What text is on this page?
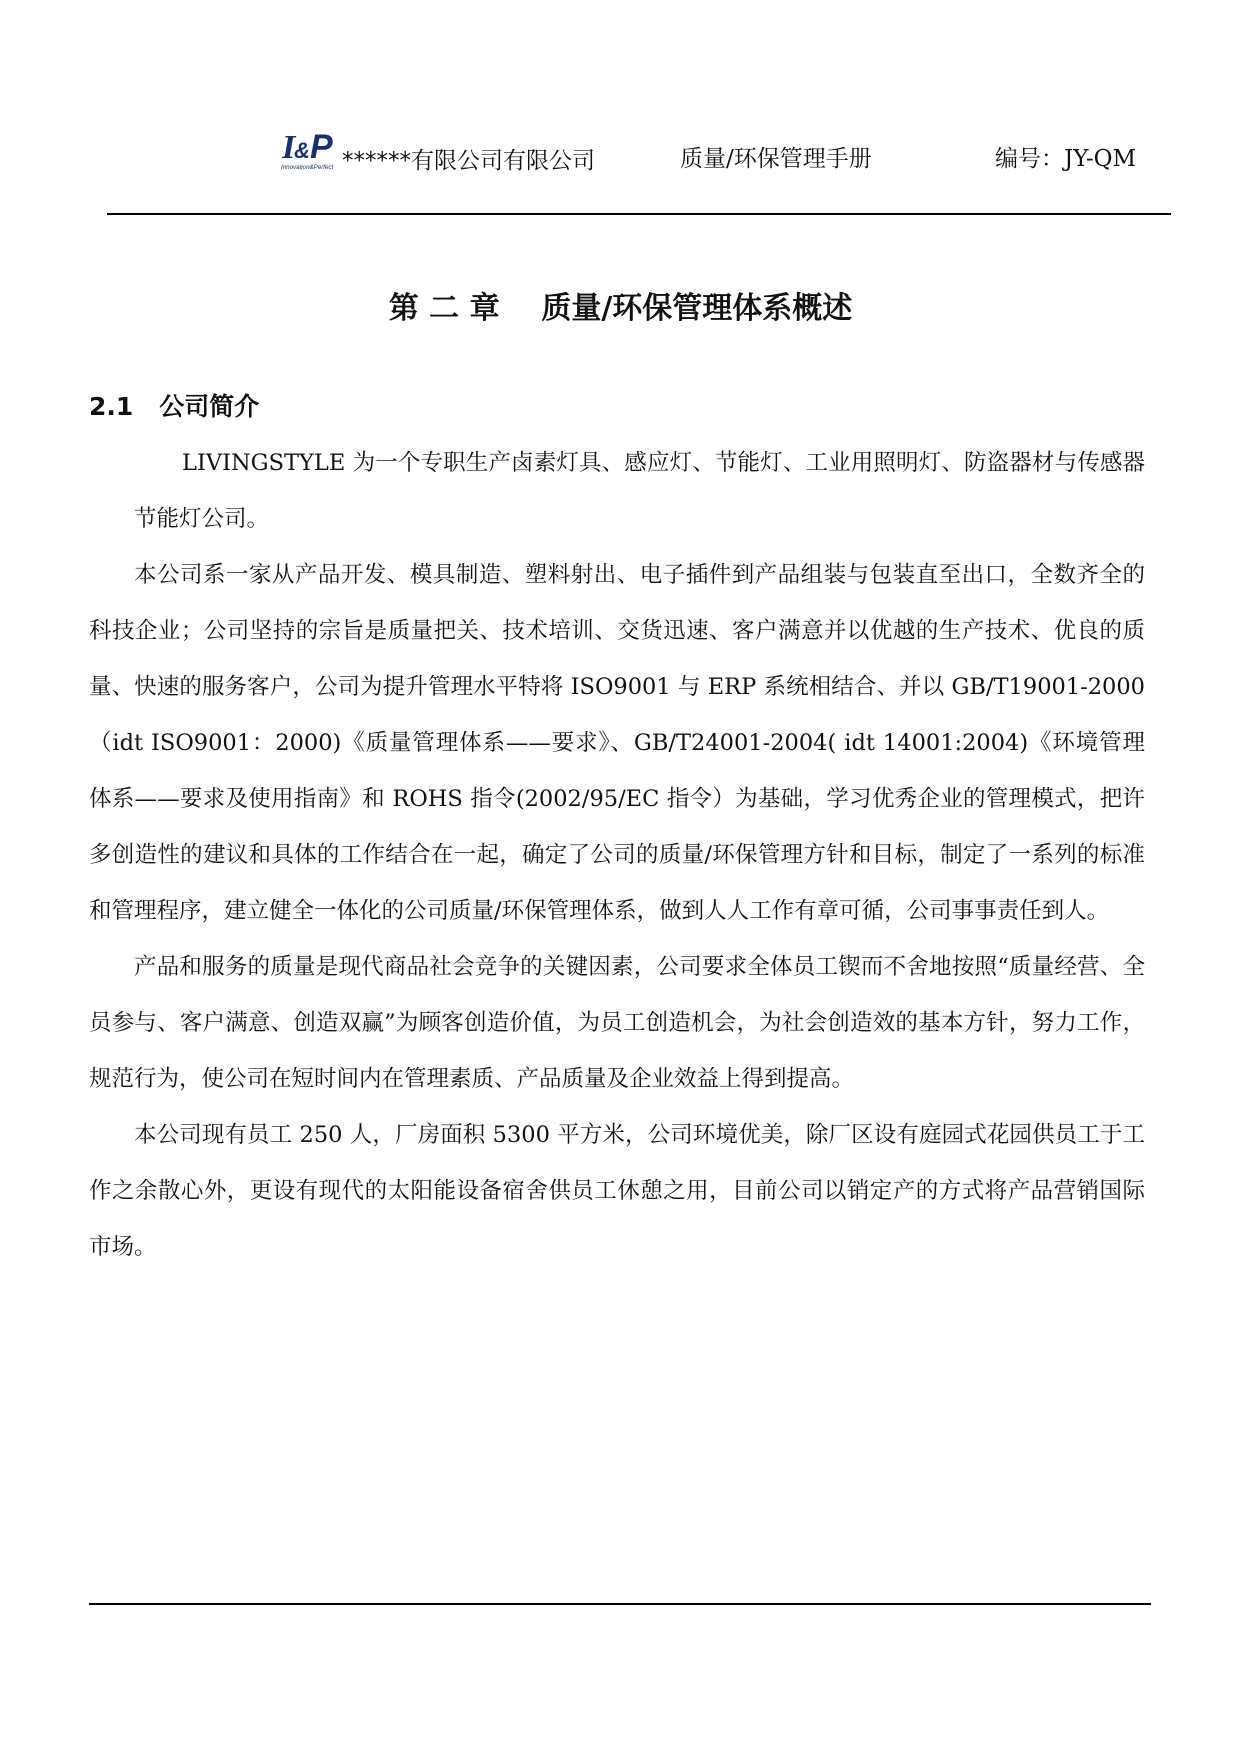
I
& P
Innovation&Perfect ******有限公司有限公司	质量/环保管理手册	编号：JY-QM
第 二 章    质量/环保管理体系概述
2.1 公司简介

LIVINGSTYLE 为一个专职生产卤素灯具、感应灯、节能灯、工业用照明灯、防盗器材与传感器节能灯公司。

本公司系一家从产品开发、模具制造、塑料射出、电子插件到产品组装与包装直至出口，全数齐全的科技企业；公司坚持的宗旨是质量把关、技术培训、交货迅速、客户满意并以优越的生产技术、优良的质量、快速的服务客户，公司为提升管理水平特将 ISO9001 与 ERP 系统相结合、并以 GB/T19001-2000（idt ISO9001：2000)《质量管理体系——要求》、GB/T24001-2004( idt 14001:2004)《环境管理体系——要求及使用指南》和 ROHS 指令(2002/95/EC 指令）为基础，学习优秀企业的管理模式，把许多创造性的建议和具体的工作结合在一起，确定了公司的质量/环保管理方针和目标，制定了一系列的标准和管理程序，建立健全一体化的公司质量/环保管理体系，做到人人工作有章可循，公司事事责任到人。

产品和服务的质量是现代商品社会竞争的关键因素，公司要求全体员工锲而不舍地按照“质量经营、全员参与、客户满意、创造双赢”为顾客创造价值，为员工创造机会，为社会创造效的基本方针，努力工作，规范行为，使公司在短时间内在管理素质、产品质量及企业效益上得到提高。

本公司现有员工 250 人，厂房面积 5300 平方米，公司环境优美，除厂区设有庭园式花园供员工于工作之余散心外，更设有现代的太阳能设备宿舍供员工休憩之用，目前公司以销定产的方式将产品营销国际市场。
